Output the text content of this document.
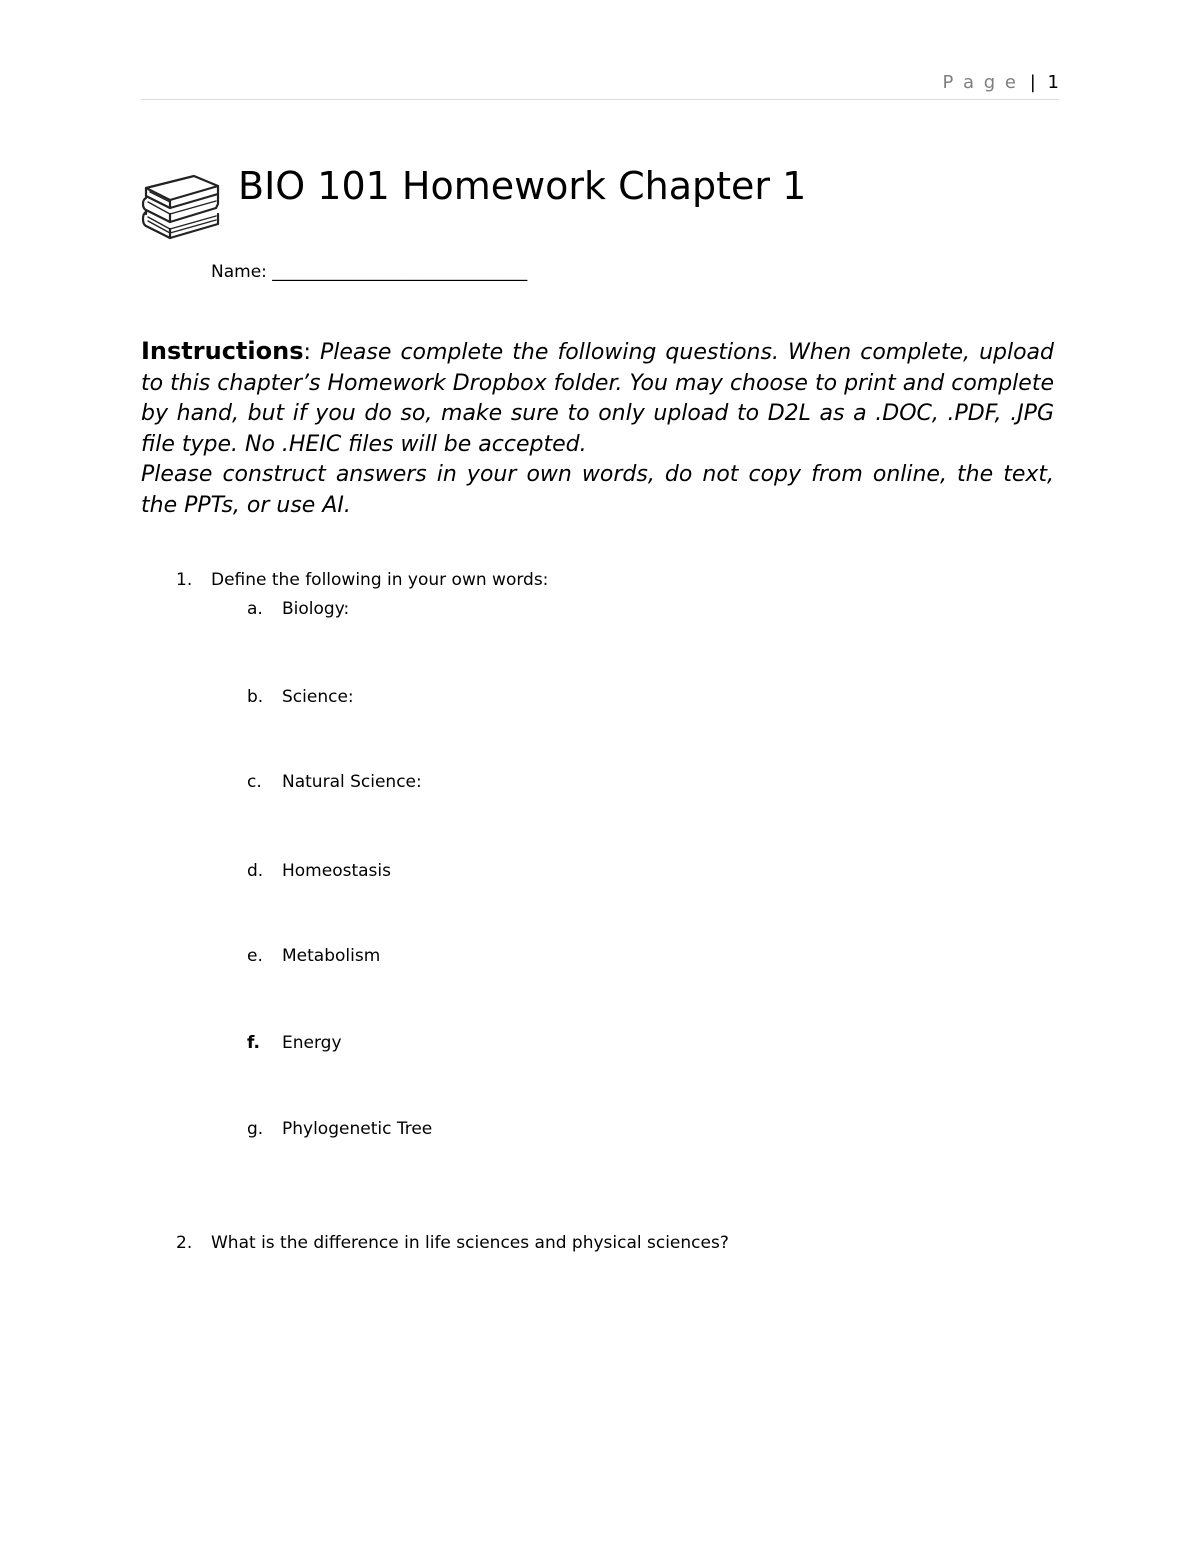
P a g e | 1
BIO 101 Homework Chapter 1
Name: ______________________________

Instructions: Please complete the following questions. When complete, upload to this chapter’s Homework Dropbox folder. You may choose to print and complete by hand, but if you do so, make sure to only upload to D2L as a .DOC, .PDF, .JPG file type. No .HEIC files will be accepted.

Please construct answers in your own words, do not copy from online, the text, the PPTs, or use AI.

1. Define the following in your own words:
a. Biology:
b. Science:
c. Natural Science:
d. Homeostasis
e. Metabolism
f. Energy
g. Phylogenetic Tree
2. What is the difference in life sciences and physical sciences?
